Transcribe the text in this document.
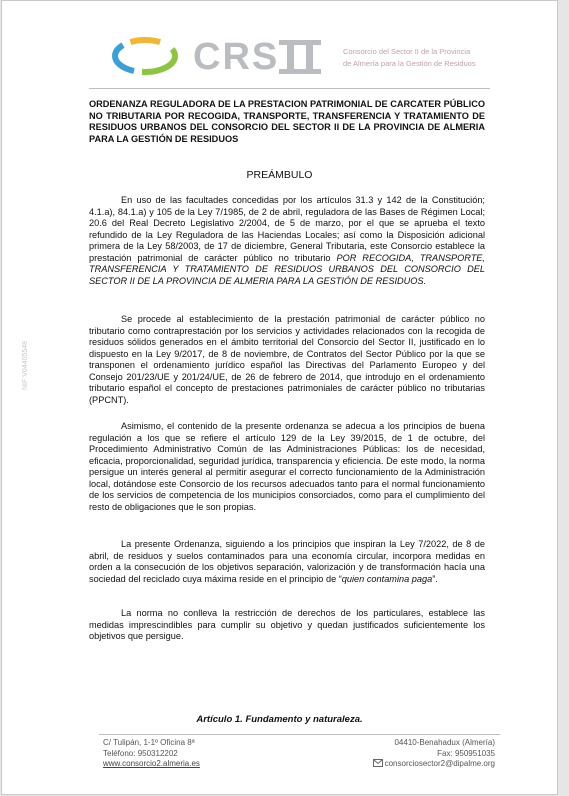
CRS	Consorcio del Sector II de la Provincia
de Almería para la Gestión de Residuos
ORDENANZA REGULADORA DE LA PRESTACION PATRIMONIAL DE CARCATER PÚBLICO NO TRIBUTARIA POR RECOGIDA, TRANSPORTE, TRANSFERENCIA Y TRATAMIENTO DE RESIDUOS URBANOS DEL CONSORCIO DEL SECTOR II DE LA PROVINCIA DE ALMERIA PARA LA GESTIÓN DE RESIDUOS
PREÁMBULO

En uso de las facultades concedidas por los artículos 31.3 y 142 de la Constitución; 4.1.a), 84.1.a) y 105 de la Ley 7/1985, de 2 de abril, reguladora de las Bases de Régimen Local; 20.6 del Real Decreto Legislativo 2/2004, de 5 de marzo, por el que se aprueba el texto refundido de la Ley Reguladora de las Haciendas Locales; así como la Disposición adicional primera de la Ley 58/2003, de 17 de diciembre, General Tributaria, este Consorcio establece la prestación patrimonial de carácter público no tributario POR RECOGIDA, TRANSPORTE, TRANSFERENCIA Y TRATAMIENTO DE RESIDUOS URBANOS DEL CONSORCIO DEL SECTOR II DE LA PROVINCIA DE ALMERIA PARA LA GESTIÓN DE RESIDUOS.

Se procede al establecimiento de la prestación patrimonial de carácter público no tributario como contraprestación por los servicios y actividades relacionados con la recogida de residuos sólidos generados en el ámbito territorial del Consorcio del Sector II, justificado en lo dispuesto en la Ley 9/2017, de 8 de noviembre, de Contratos del Sector Público por la que se transponen el ordenamiento jurídico español las Directivas del Parlamento Europeo y del Consejo 201/23/UE y 201/24/UE, de 26 de febrero de 2014, que introdujo en el ordenamiento tributario español el concepto de prestaciones patrimoniales de carácter público no tributarias (PPCNT).

Asimismo, el contenido de la presente ordenanza se adecua a los principios de buena regulación a los que se refiere el artículo 129 de la Ley 39/2015, de 1 de octubre, del Procedimiento Administrativo Común de las Administraciones Públicas: los de necesidad, eficacia, proporcionalidad, seguridad jurídica, transparencia y eficiencia. De este modo, la norma persigue un interés general al permitir asegurar el correcto funcionamiento de la Administración local, dotándose este Consorcio de los recursos adecuados tanto para el normal funcionamiento de los servicios de competencia de los municipios consorciados, como para el cumplimiento del resto de obligaciones que le son propias.

La presente Ordenanza, siguiendo a los principios que inspiran la Ley 7/2022, de 8 de abril, de residuos y suelos contaminados para una economía circular, incorpora medidas en orden a la consecución de los objetivos separación, valorización y de transformación hacía una sociedad del reciclado cuya máxima reside en el principio de “quien contamina paga”.

La norma no conlleva la restricción de derechos de los particulares, establece las medidas imprescindibles para cumplir su objetivo y quedan justificados suficientemente los objetivos que persigue.

Artículo 1. Fundamento y naturaleza.
C/ Tulipán, 1-1º Oficina 8ª
Teléfono: 950312202
www.consorcio2.almeria.es
04410-Benahadux (Almería)
Fax: 950951035
consorciosector2@dipalme.org
NIF:V04405548
